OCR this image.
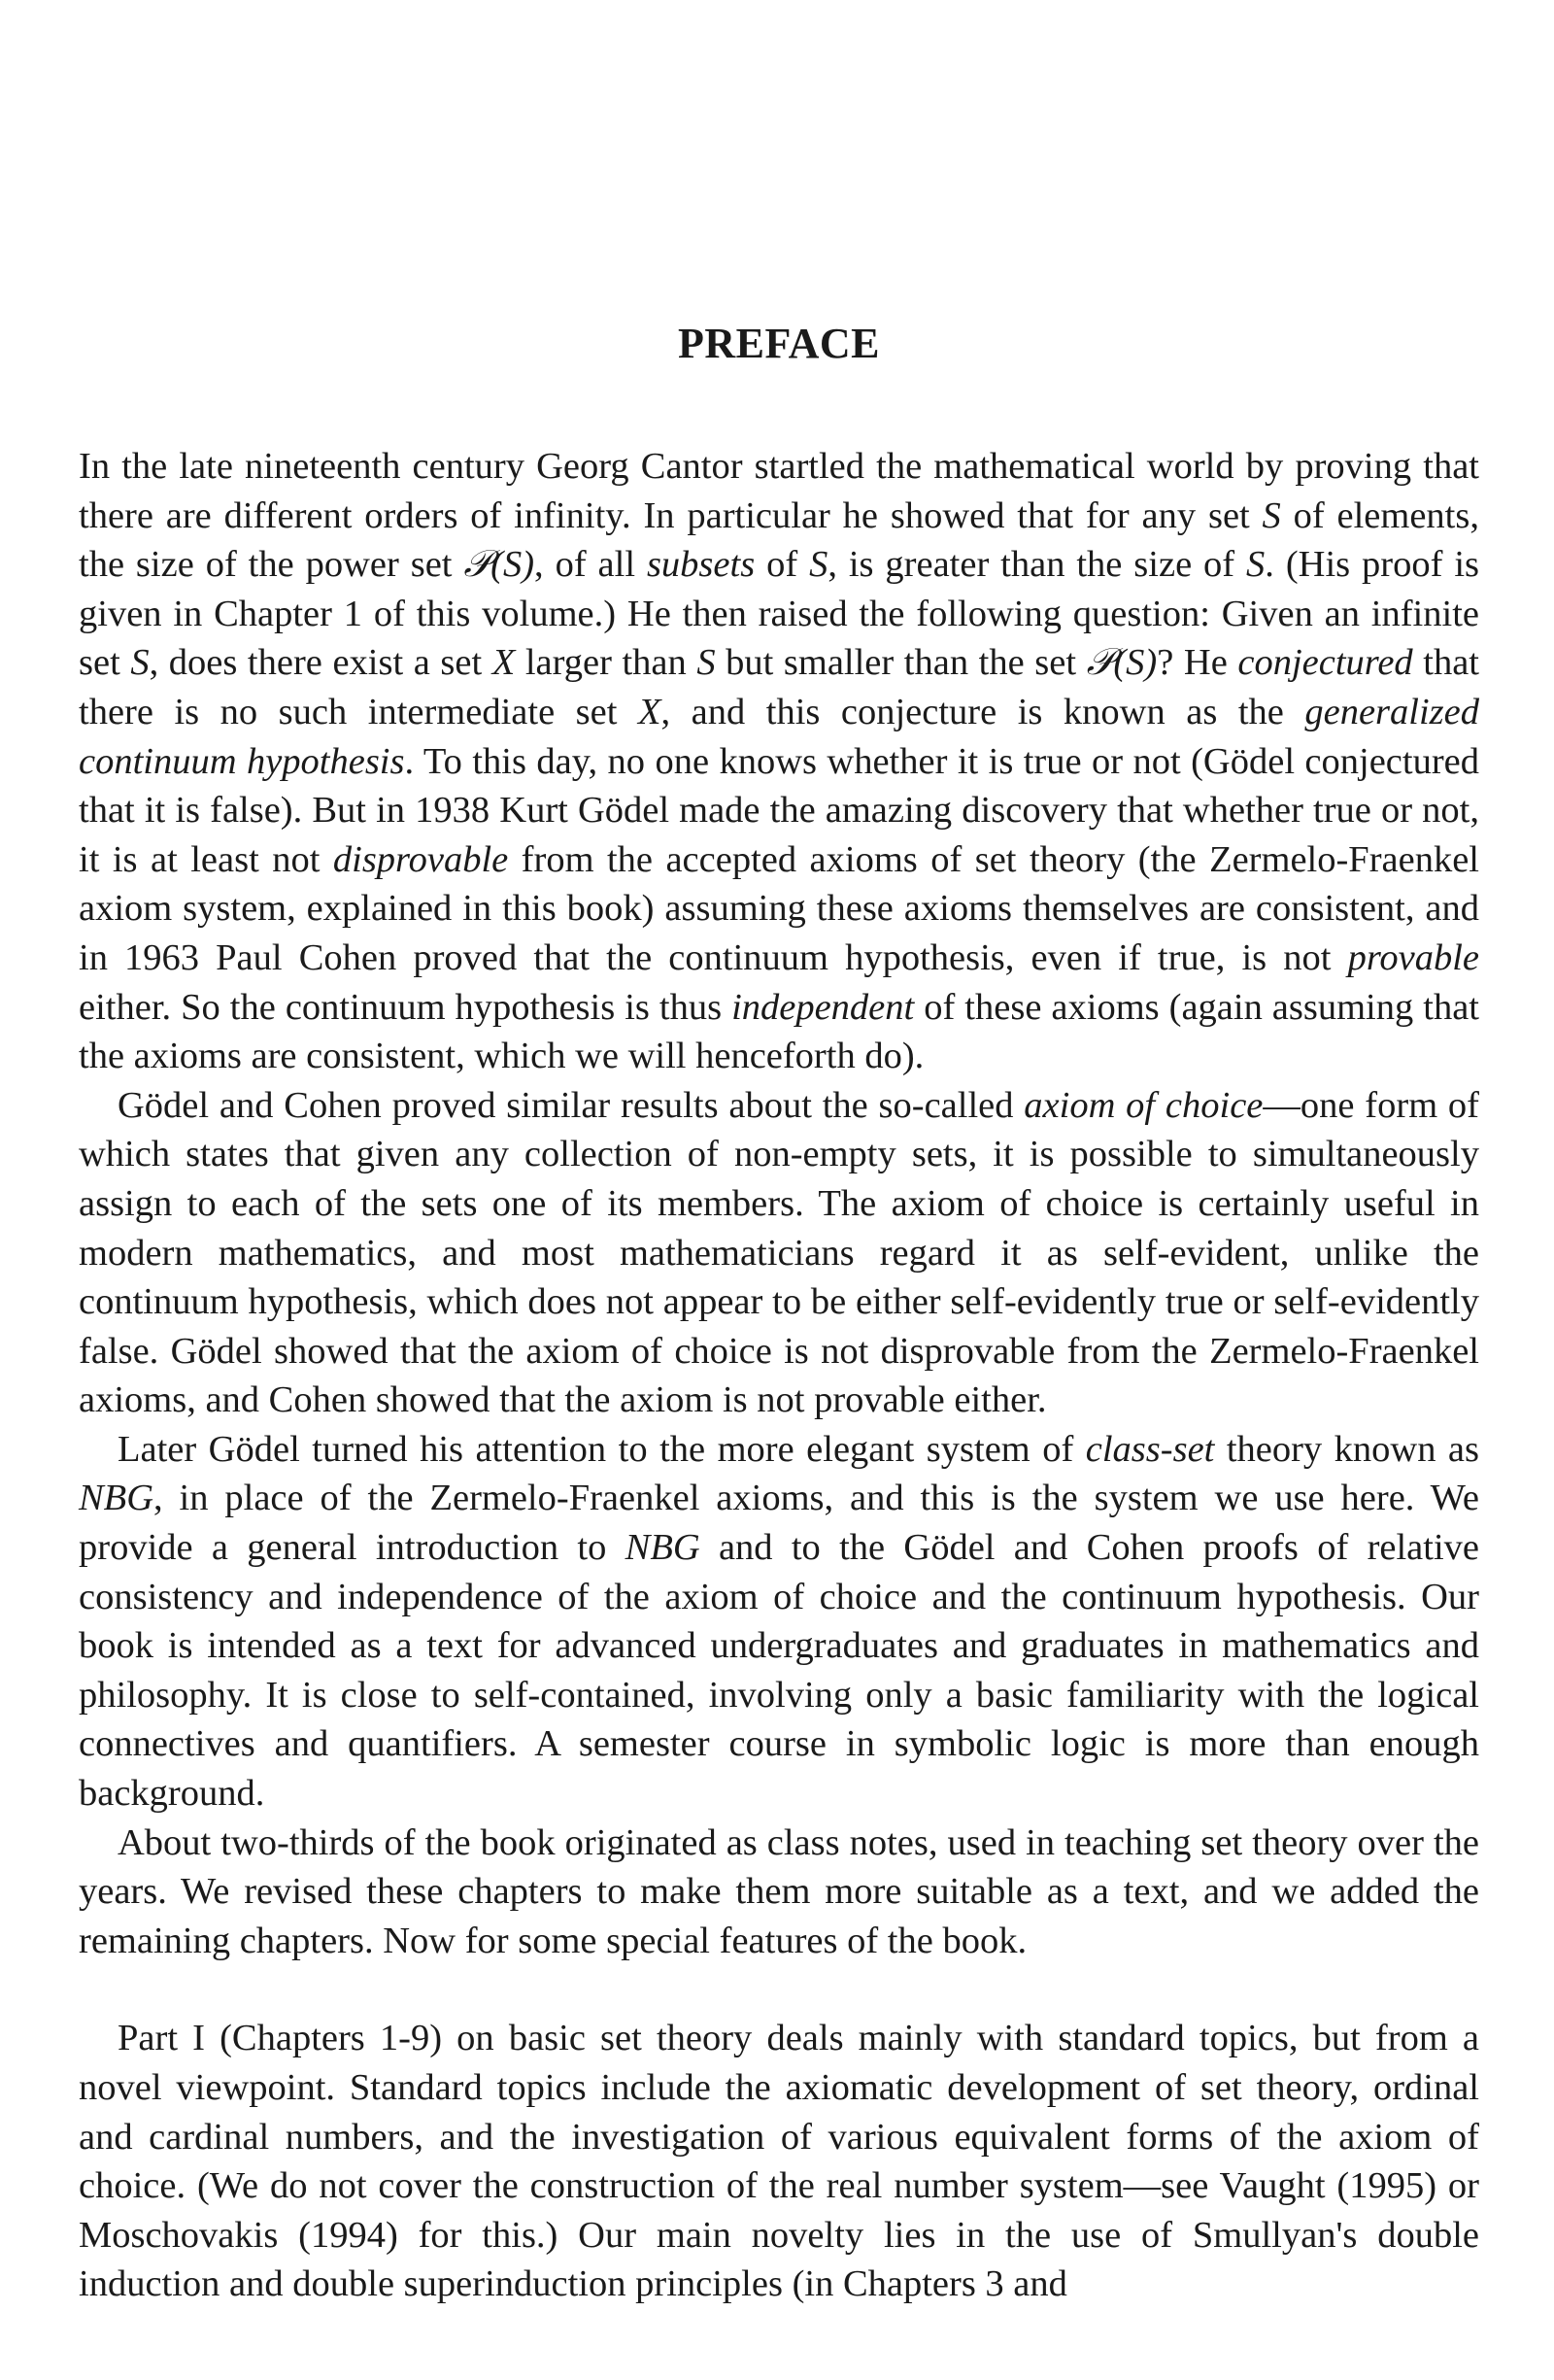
PREFACE

In the late nineteenth century Georg Cantor startled the mathematical world by proving that there are different orders of infinity. In particular he showed that for any set S of elements, the size of the power set 𝒫(S), of all subsets of S, is greater than the size of S. (His proof is given in Chapter 1 of this volume.) He then raised the following question: Given an infinite set S, does there exist a set X larger than S but smaller than the set 𝒫(S)? He conjectured that there is no such intermediate set X, and this conjecture is known as the generalized continuum hypothesis. To this day, no one knows whether it is true or not (Gödel conjectured that it is false). But in 1938 Kurt Gödel made the amazing discovery that whether true or not, it is at least not disprovable from the accepted axioms of set theory (the Zermelo-Fraenkel axiom system, explained in this book) assuming these axioms themselves are consistent, and in 1963 Paul Cohen proved that the continuum hypothesis, even if true, is not provable either. So the continuum hypothesis is thus independent of these axioms (again assuming that the axioms are consistent, which we will henceforth do).

Gödel and Cohen proved similar results about the so-called axiom of choice—one form of which states that given any collection of non-empty sets, it is possible to simultaneously assign to each of the sets one of its members. The axiom of choice is certainly useful in modern mathematics, and most mathematicians regard it as self-evident, unlike the continuum hypothesis, which does not appear to be either self-evidently true or self-evidently false. Gödel showed that the axiom of choice is not disprovable from the Zermelo-Fraenkel axioms, and Cohen showed that the axiom is not provable either.

Later Gödel turned his attention to the more elegant system of class-set theory known as NBG, in place of the Zermelo-Fraenkel axioms, and this is the system we use here. We provide a general introduction to NBG and to the Gödel and Cohen proofs of relative consistency and independence of the axiom of choice and the continuum hypothesis. Our book is intended as a text for advanced undergraduates and graduates in mathematics and philosophy. It is close to self-contained, involving only a basic familiarity with the logical connectives and quantifiers. A semester course in symbolic logic is more than enough background.

About two-thirds of the book originated as class notes, used in teaching set theory over the years. We revised these chapters to make them more suitable as a text, and we added the remaining chapters. Now for some special features of the book.

Part I (Chapters 1-9) on basic set theory deals mainly with standard topics, but from a novel viewpoint. Standard topics include the axiomatic development of set theory, ordinal and cardinal numbers, and the investigation of various equivalent forms of the axiom of choice. (We do not cover the construction of the real number system—see Vaught (1995) or Moschovakis (1994) for this.) Our main novelty lies in the use of Smullyan's double induction and double superinduction principles (in Chapters 3 and
